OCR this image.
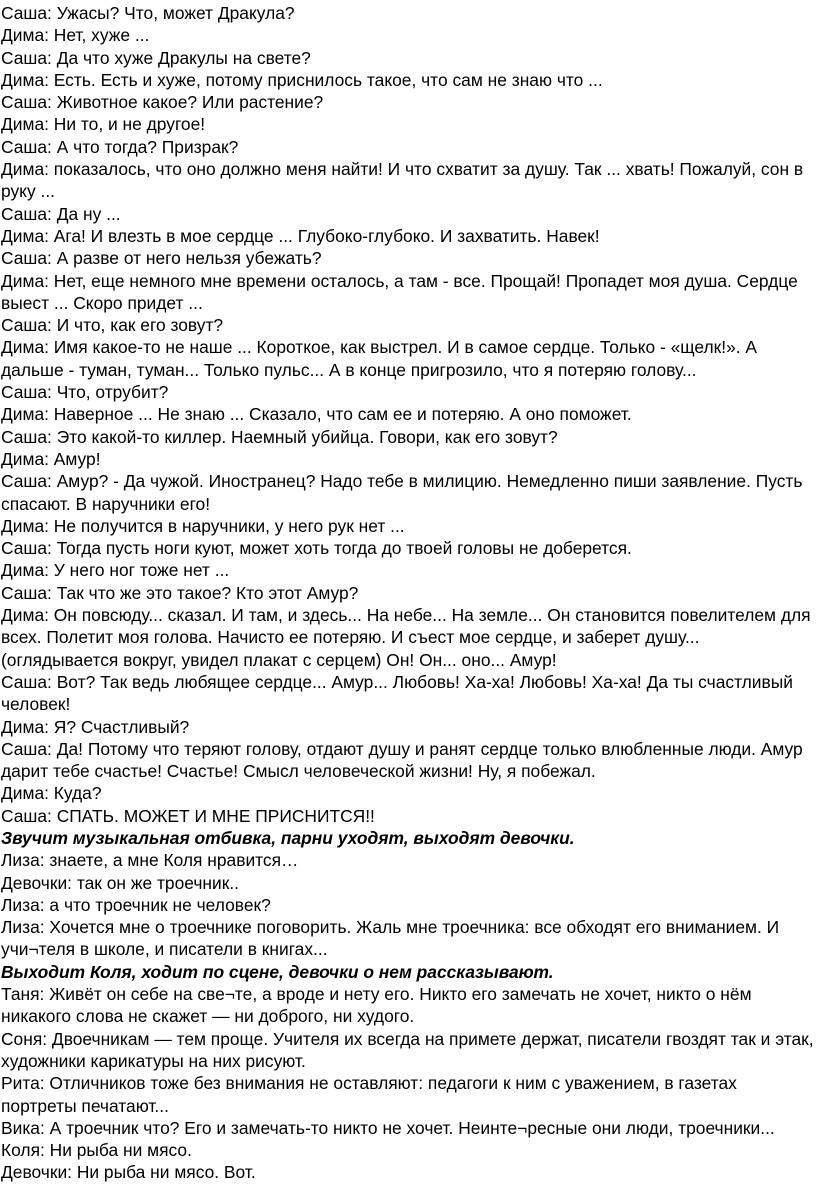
Саша: Ужасы? Что, может Дракула?

Дима: Нет, хуже ...

Саша: Да что хуже Дракулы на свете?

Дима: Есть. Есть и хуже, потому приснилось такое, что сам не знаю что ...

Саша: Животное какое? Или растение?

Дима: Ни то, и не другое!

Саша: А что тогда? Призрак?

Дима: показалось, что оно должно меня найти! И что схватит за душу. Так ... хвать! Пожалуй, сон в руку ...

Саша: Да ну ...

Дима: Ага! И влезть в мое сердце ... Глубоко-глубоко. И захватить. Навек!

Саша: А разве от него нельзя убежать?

Дима: Нет, еще немного мне времени осталось, а там - все. Прощай! Пропадет моя душа. Сердце выест ... Скоро придет ...

Саша: И что, как его зовут?

Дима: Имя какое-то не наше ... Короткое, как выстрел. И в самое сердце. Только - «щелк!». А дальше - туман, туман... Только пульс... А в конце пригрозило, что я потеряю голову...

Саша: Что, отрубит?

Дима: Наверное ... Не знаю ... Сказало, что сам ее и потеряю. А оно поможет.

Саша: Это какой-то киллер. Наемный убийца. Говори, как его зовут?

Дима: Амур!

Саша: Амур? - Да чужой. Иностранец? Надо тебе в милицию. Немедленно пиши заявление. Пусть спасают. В наручники его!

Дима: Не получится в наручники, у него рук нет ...

Саша: Тогда пусть ноги куют, может хоть тогда до твоей головы не доберется.

Дима: У него ног тоже нет ...

Саша: Так что же это такое? Кто этот Амур?

Дима: Он повсюду... сказал. И там, и здесь... На небе... На земле... Он становится повелителем для всех. Полетит моя голова. Начисто ее потеряю. И съест мое сердце, и заберет душу... (оглядывается вокруг, увидел плакат с серцем) Он! Он... оно... Амур!

Саша: Вот? Так ведь любящее сердце... Амур... Любовь! Ха-ха! Любовь! Ха-ха! Да ты счастливый человек!

Дима: Я? Счастливый?

Саша: Да! Потому что теряют голову, отдают душу и ранят сердце только влюбленные люди. Амур дарит тебе счастье! Счастье! Смысл человеческой жизни! Ну, я побежал.

Дима: Куда?

Саша: СПАТЬ. МОЖЕТ И МНЕ ПРИСНИТСЯ!!

Звучит музыкальная отбивка, парни уходят, выходят девочки.

Лиза: знаете, а мне Коля нравится…

Девочки: так он же троечник..

Лиза: а что троечник не человек?

Лиза: Хочется мне о троечнике поговорить. Жаль мне троечника: все обходят его вниманием. И учи¬теля в школе, и писатели в книгах...

Выходит Коля, ходит по сцене, девочки о нем рассказывают.

Таня: Живёт он себе на све¬те, а вроде и нету его. Никто его замечать не хочет, никто о нём никакого слова не скажет — ни доброго, ни худого.

Соня: Двоечникам — тем проще. Учителя их всегда на примете держат, писатели гвоздят так и этак, художники карикатуры на них рисуют.

Рита: Отличников тоже без внимания не оставляют: педагоги к ним с уважением, в газетах портреты печатают...

Вика: А троечник что? Его и замечать-то никто не хочет. Неинте¬ресные они люди, троечники...

Коля: Ни рыба ни мясо.

Девочки: Ни рыба ни мясо. Вот.
